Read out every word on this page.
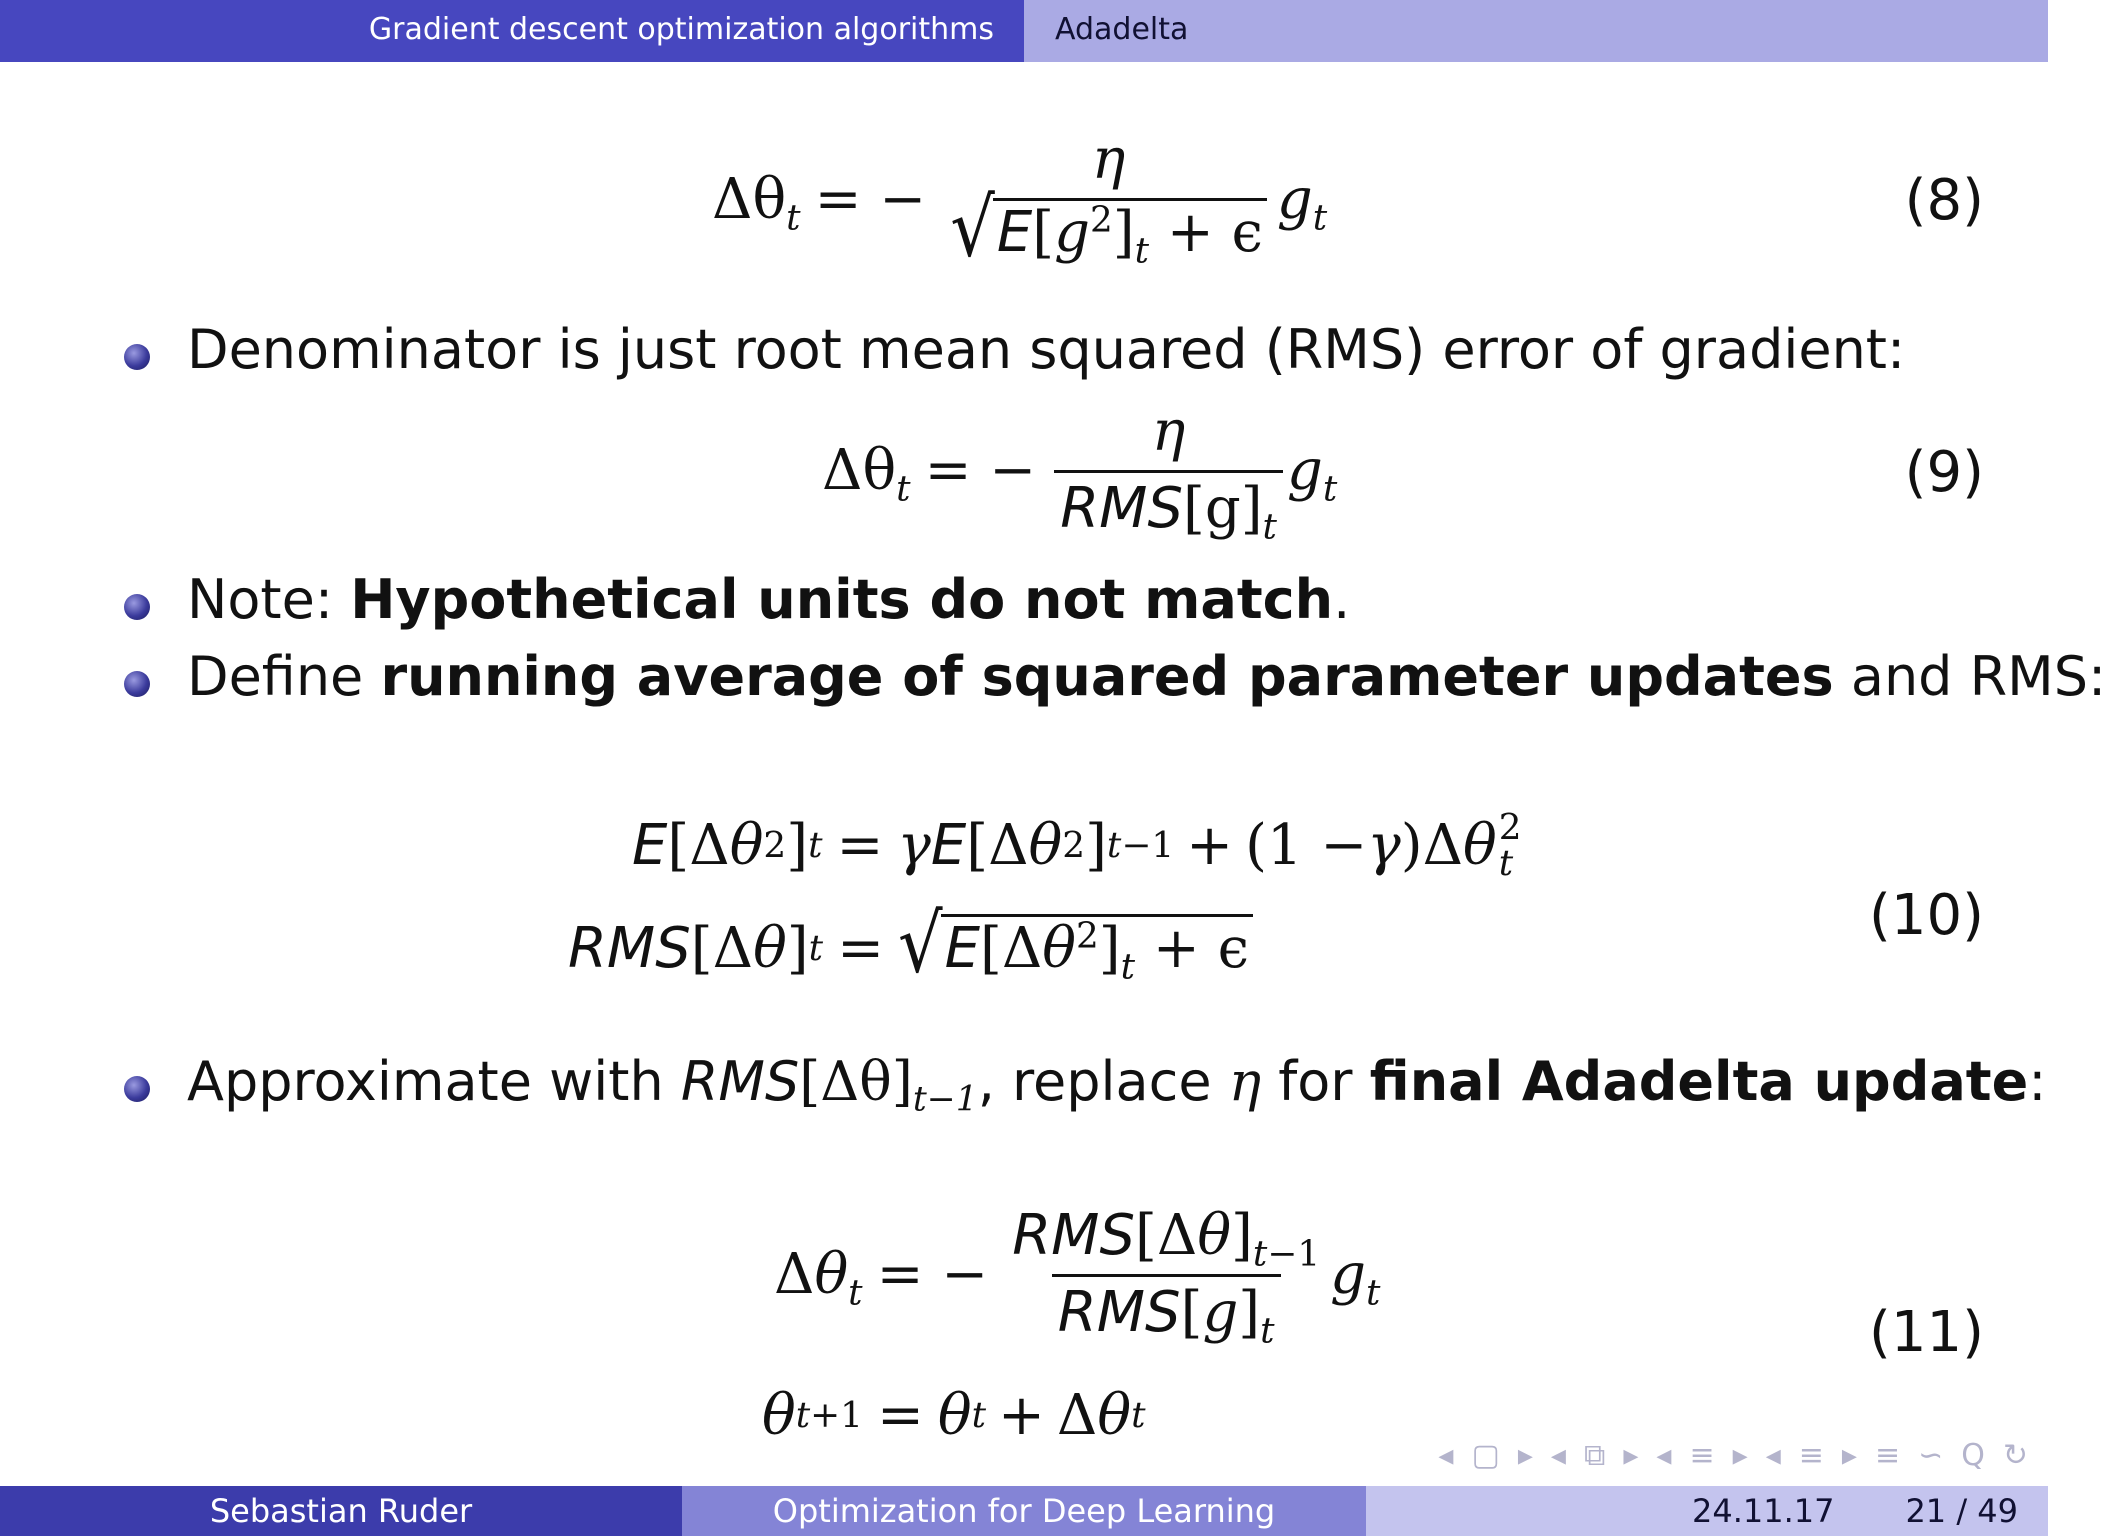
Gradient descent optimization algorithms	Adadelta
$\Delta\theta_t$ = −
η
√ $E[g^2]_t + \epsilon$
$g_t$	(8)
Denominator is just root mean squared (RMS) error of gradient:
$\Delta\theta_t$ = − $\frac{\eta}{RMS[g]_t} g_t$	(9)
Note: Hypothetical units do not match.
Define running average of squared parameter updates and RMS:
E [Δ θ 2 ] t = γ E [Δ θ 2 ] t−1 + (1 − γ )Δ θ 2
t
RMS [Δ θ ] t = √ $E[\Delta\theta^2]_t + \epsilon$
(10)
Approximate with $RMS[\Delta\theta]_{t-1}$, replace η for final Adadelta update:
$\Delta\theta_t$ = − $\frac{RMS[\Delta\theta]_{t-1}}{RMS[g]_t} g_t$
θ t+1 = θ t + Δ θ t
(11)
◂ ▢ ▸ ◂ ⧉ ▸ ◂ ≡ ▸ ◂ ≡ ▸ ≡ ∽ Q ↻
Sebastian Ruder	Optimization for Deep Learning	24.11.17 21 / 49
